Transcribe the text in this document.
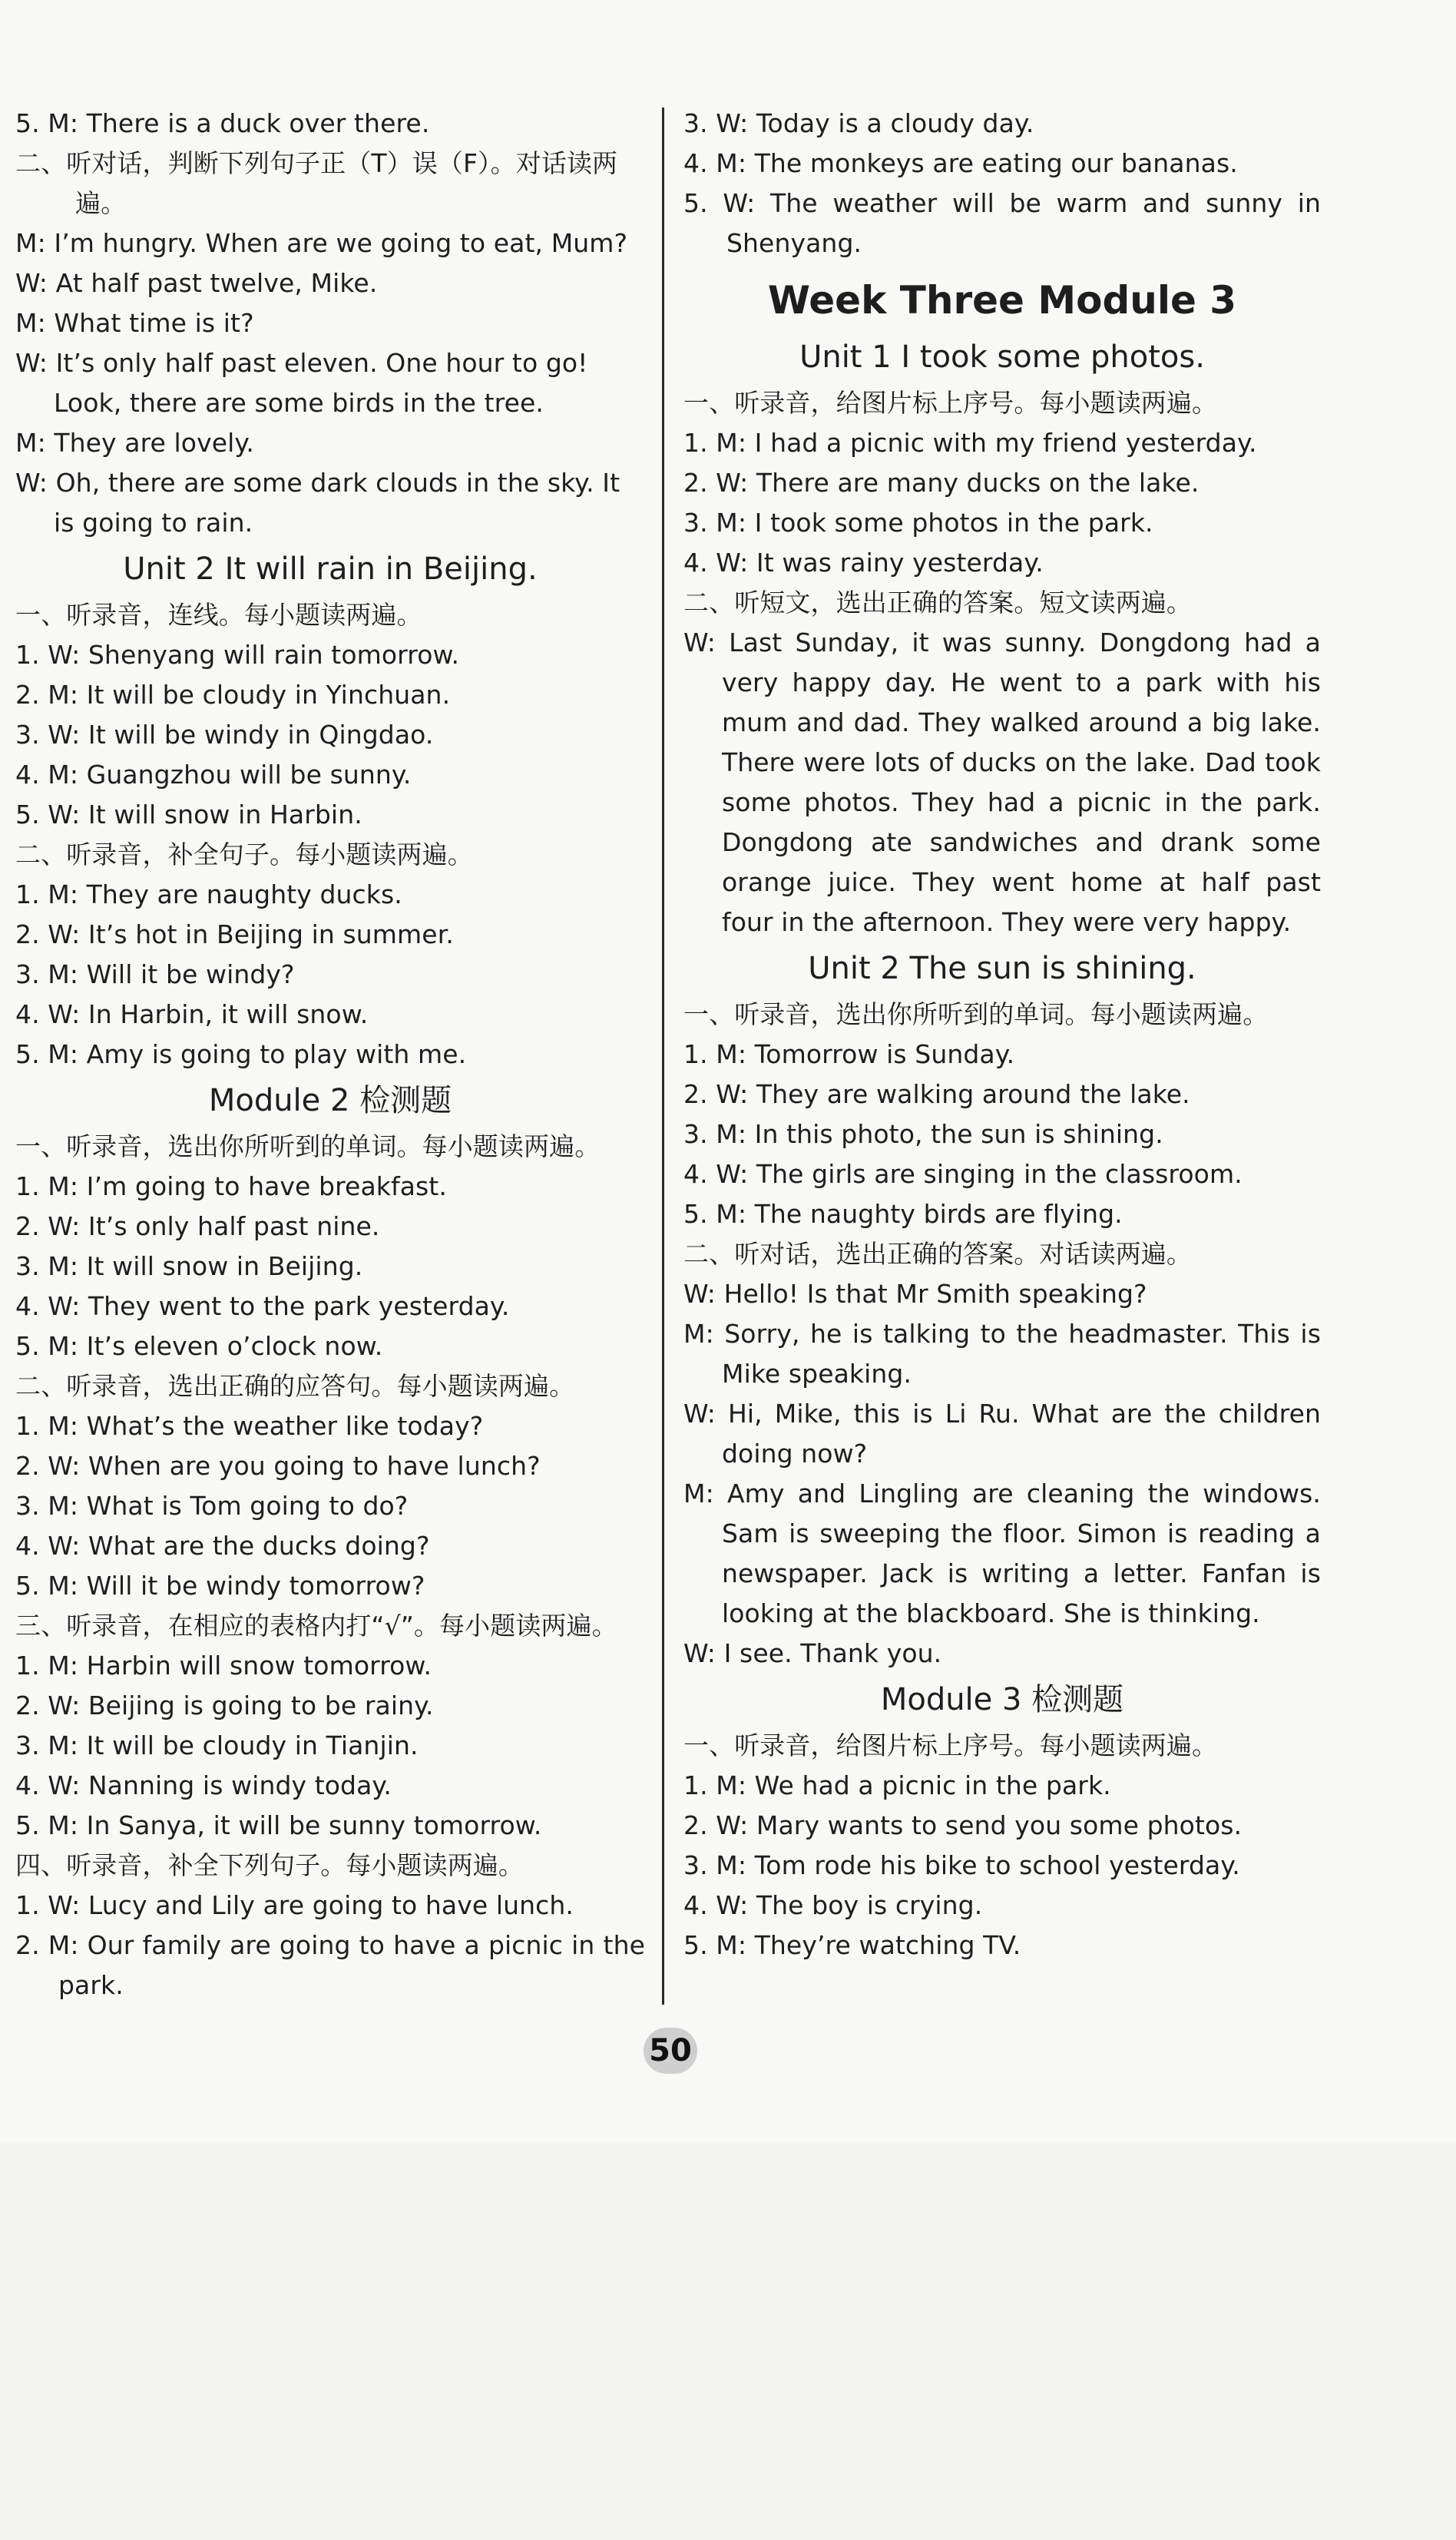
5. M: There is a duck over there.
二、听对话，判断下列句子正（T）误（F）。对话读两遍。
M: I’m hungry. When are we going to eat, Mum?
W: At half past twelve, Mike.
M: What time is it?
W: It’s only half past eleven. One hour to go! Look, there are some birds in the tree.
M: They are lovely.
W: Oh, there are some dark clouds in the sky. It is going to rain.
Unit 2 It will rain in Beijing.
一、听录音，连线。每小题读两遍。
1. W: Shenyang will rain tomorrow.
2. M: It will be cloudy in Yinchuan.
3. W: It will be windy in Qingdao.
4. M: Guangzhou will be sunny.
5. W: It will snow in Harbin.
二、听录音，补全句子。每小题读两遍。
1. M: They are naughty ducks.
2. W: It’s hot in Beijing in summer.
3. M: Will it be windy?
4. W: In Harbin, it will snow.
5. M: Amy is going to play with me.
Module 2 检测题
一、听录音，选出你所听到的单词。每小题读两遍。
1. M: I’m going to have breakfast.
2. W: It’s only half past nine.
3. M: It will snow in Beijing.
4. W: They went to the park yesterday.
5. M: It’s eleven o’clock now.
二、听录音，选出正确的应答句。每小题读两遍。
1. M: What’s the weather like today?
2. W: When are you going to have lunch?
3. M: What is Tom going to do?
4. W: What are the ducks doing?
5. M: Will it be windy tomorrow?
三、听录音，在相应的表格内打“√”。每小题读两遍。
1. M: Harbin will snow tomorrow.
2. W: Beijing is going to be rainy.
3. M: It will be cloudy in Tianjin.
4. W: Nanning is windy today.
5. M: In Sanya, it will be sunny tomorrow.
四、听录音，补全下列句子。每小题读两遍。
1. W: Lucy and Lily are going to have lunch.
2. M: Our family are going to have a picnic in the park.
3. W: Today is a cloudy day.
4. M: The monkeys are eating our bananas.
5. W: The weather will be warm and sunny in Shenyang.
Week Three Module 3
Unit 1 I took some photos.
一、听录音，给图片标上序号。每小题读两遍。
1. M: I had a picnic with my friend yesterday.
2. W: There are many ducks on the lake.
3. M: I took some photos in the park.
4. W: It was rainy yesterday.
二、听短文，选出正确的答案。短文读两遍。
W: Last Sunday, it was sunny. Dongdong had a very happy day. He went to a park with his mum and dad. They walked around a big lake. There were lots of ducks on the lake. Dad took some photos. They had a picnic in the park. Dongdong ate sandwiches and drank some orange juice. They went home at half past four in the afternoon. They were very happy.
Unit 2 The sun is shining.
一、听录音，选出你所听到的单词。每小题读两遍。
1. M: Tomorrow is Sunday.
2. W: They are walking around the lake.
3. M: In this photo, the sun is shining.
4. W: The girls are singing in the classroom.
5. M: The naughty birds are flying.
二、听对话，选出正确的答案。对话读两遍。
W: Hello! Is that Mr Smith speaking?
M: Sorry, he is talking to the headmaster. This is Mike speaking.
W: Hi, Mike, this is Li Ru. What are the children doing now?
M: Amy and Lingling are cleaning the windows. Sam is sweeping the floor. Simon is reading a newspaper. Jack is writing a letter. Fanfan is looking at the blackboard. She is thinking.
W: I see. Thank you.
Module 3 检测题
一、听录音，给图片标上序号。每小题读两遍。
1. M: We had a picnic in the park.
2. W: Mary wants to send you some photos.
3. M: Tom rode his bike to school yesterday.
4. W: The boy is crying.
5. M: They’re watching TV.
50
